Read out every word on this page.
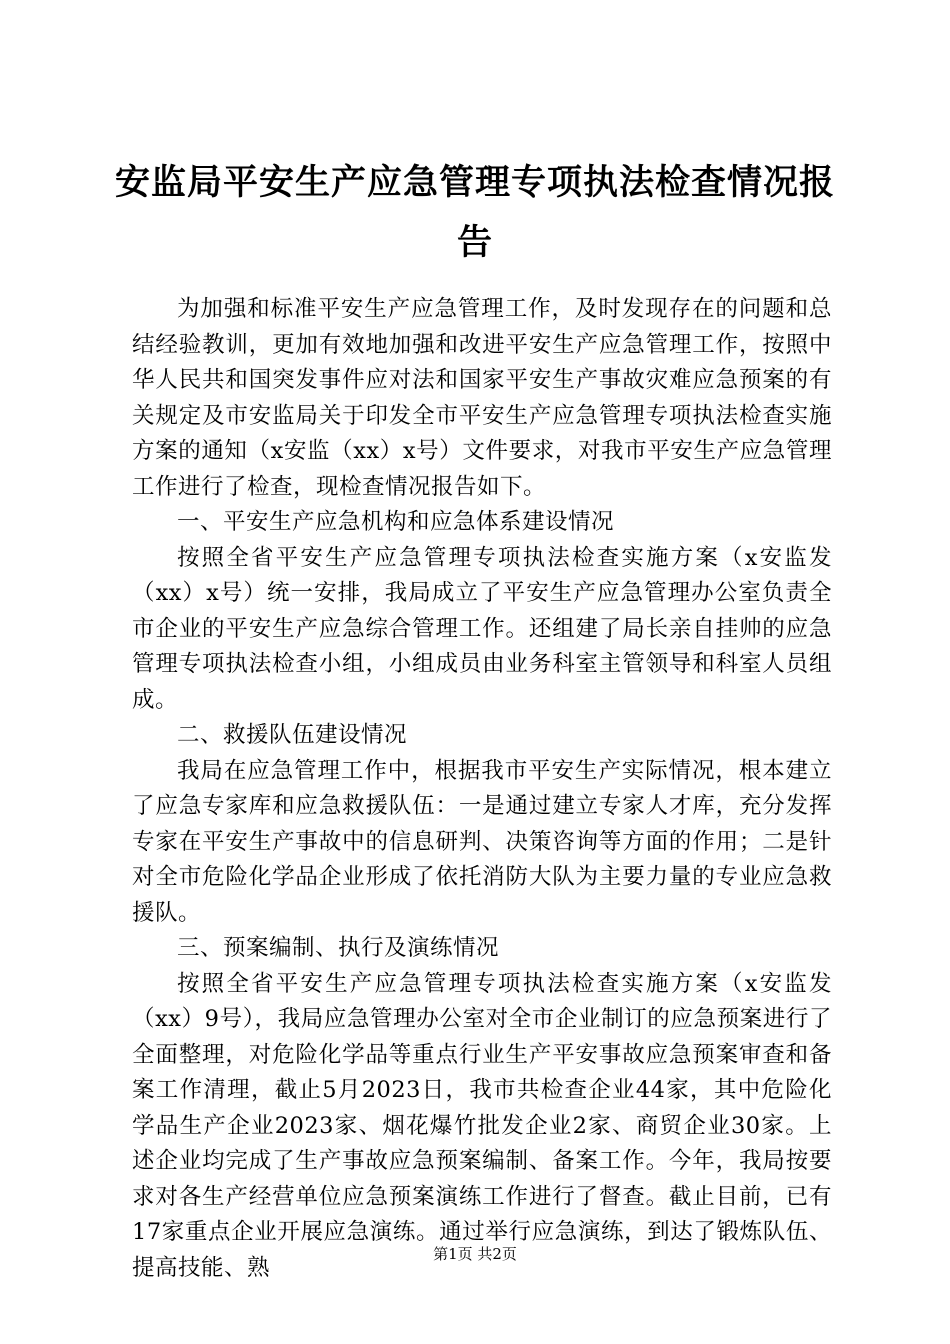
安监局平安生产应急管理专项执法检查情况报
告

为加强和标准平安生产应急管理工作，及时发现存在的问题和总结经验教训，更加有效地加强和改进平安生产应急管理工作，按照中华人民共和国突发事件应对法和国家平安生产事故灾难应急预案的有关规定及市安监局关于印发全市平安生产应急管理专项执法检查实施方案的通知（x安监（xx）x号）文件要求，对我市平安生产应急管理工作进行了检查，现检查情况报告如下。

一、平安生产应急机构和应急体系建设情况

按照全省平安生产应急管理专项执法检查实施方案（x安监发（xx）x号）统一安排，我局成立了平安生产应急管理办公室负责全市企业的平安生产应急综合管理工作。还组建了局长亲自挂帅的应急管理专项执法检查小组，小组成员由业务科室主管领导和科室人员组成。

二、救援队伍建设情况

我局在应急管理工作中，根据我市平安生产实际情况，根本建立了应急专家库和应急救援队伍：一是通过建立专家人才库，充分发挥专家在平安生产事故中的信息研判、决策咨询等方面的作用；二是针对全市危险化学品企业形成了依托消防大队为主要力量的专业应急救援队。

三、预案编制、执行及演练情况

按照全省平安生产应急管理专项执法检查实施方案（x安监发（xx）9号），我局应急管理办公室对全市企业制订的应急预案进行了全面整理，对危险化学品等重点行业生产平安事故应急预案审查和备案工作清理，截止5月2023日，我市共检查企业44家，其中危险化学品生产企业2023家、烟花爆竹批发企业2家、商贸企业30家。上述企业均完成了生产事故应急预案编制、备案工作。今年，我局按要求对各生产经营单位应急预案演练工作进行了督查。截止目前，已有17家重点企业开展应急演练。通过举行应急演练，到达了锻炼队伍、提高技能、熟

第1页 共2页
